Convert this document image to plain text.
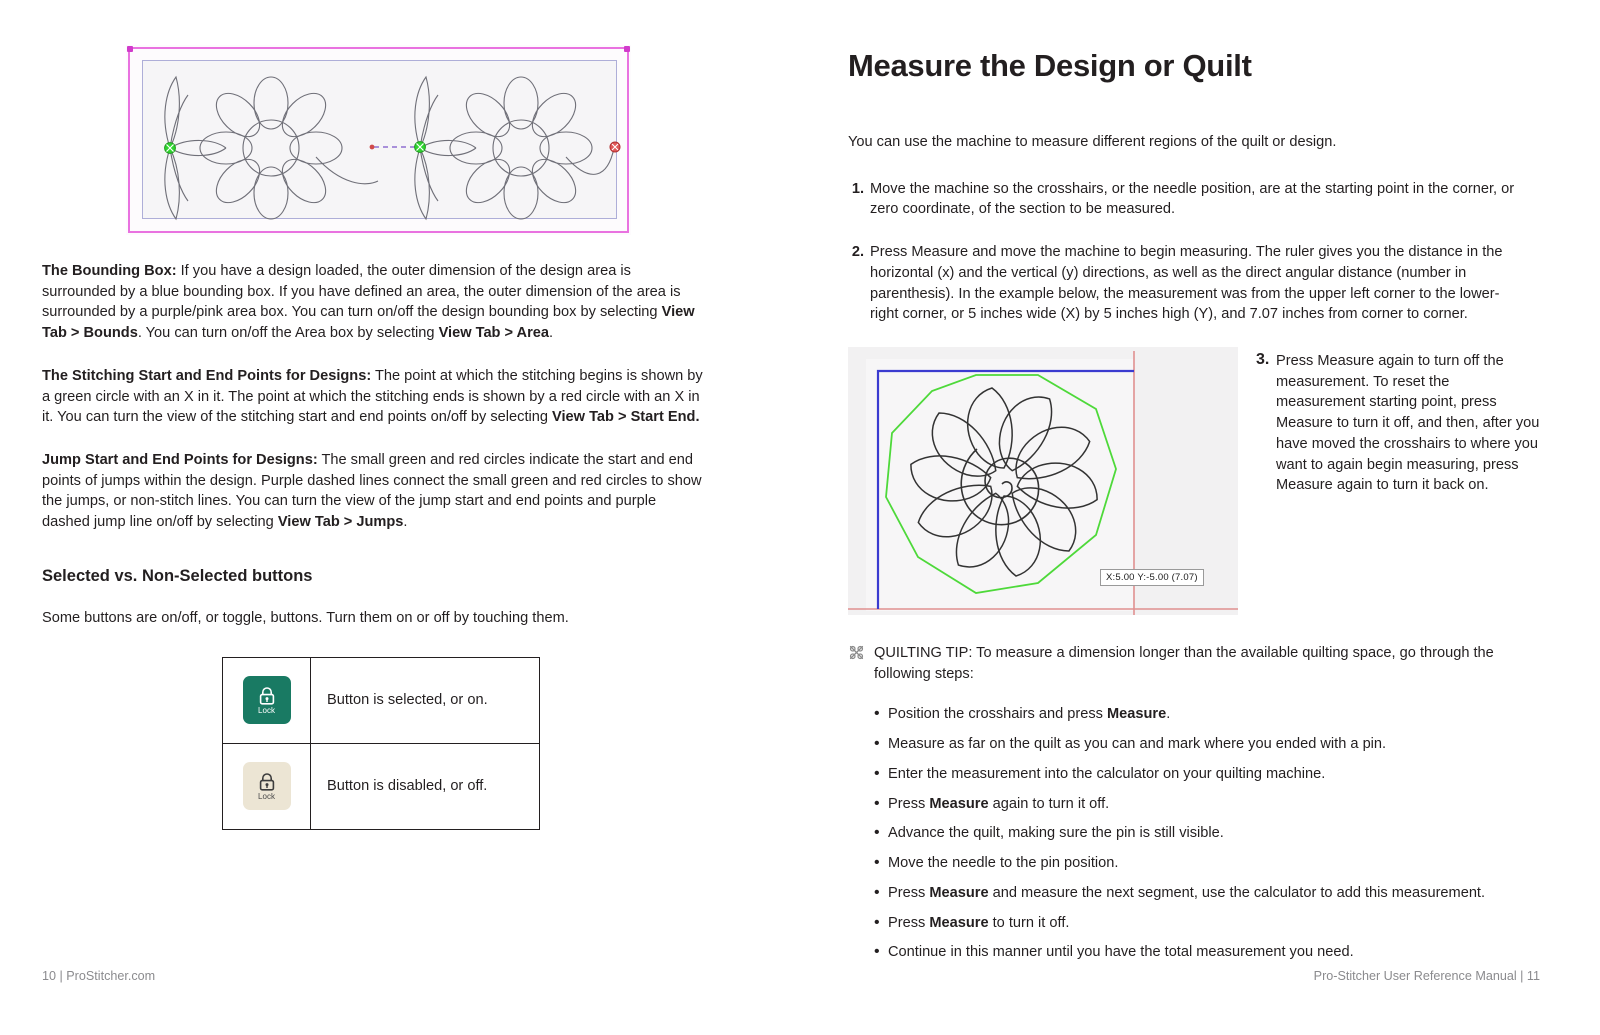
The Bounding Box: If you have a design loaded, the outer dimension of the design area is surrounded by a blue bounding box. If you have defined an area, the outer dimension of the area is surrounded by a purple/pink area box. You can turn on/off the design bounding box by selecting View Tab > Bounds. You can turn on/off the Area box by selecting View Tab > Area.

The Stitching Start and End Points for Designs: The point at which the stitching begins is shown by a green circle with an X in it. The point at which the stitching ends is shown by a red circle with an X in it. You can turn the view of the stitching start and end points on/off by selecting View Tab > Start End.

Jump Start and End Points for Designs: The small green and red circles indicate the start and end points of jumps within the design. Purple dashed lines connect the small green and red circles to show the jumps, or non-stitch lines. You can turn the view of the jump start and end points and purple dashed jump line on/off by selecting View Tab > Jumps.

Selected vs. Non-Selected buttons

Some buttons are on/off, or toggle, buttons. Turn them on or off by touching them.

Lock	Button is selected, or on.

Lock	Button is disabled, or off.
10 | ProStitcher.com
Measure the Design or Quilt

You can use the machine to measure different regions of the quilt or design.

1. Move the machine so the crosshairs, or the needle position, are at the starting point in the corner, or zero coordinate, of the section to be measured.
2. Press Measure and move the machine to begin measuring. The ruler gives you the distance in the horizontal (x) and the vertical (y) directions, as well as the direct angular distance (number in parenthesis). In the example below, the measurement was from the upper left corner to the lower-right corner, or 5 inches wide (X) by 5 inches high (Y), and 7.07 inches from corner to corner.
X:5.00 Y:-5.00 (7.07)
3. Press Measure again to turn off the measurement. To reset the measurement starting point, press Measure to turn it off, and then, after you have moved the crosshairs to where you want to again begin measuring, press Measure again to turn it back on.
QUILTING TIP: To measure a dimension longer than the available quilting space, go through the following steps:
• Position the crosshairs and press Measure.
• Measure as far on the quilt as you can and mark where you ended with a pin.
• Enter the measurement into the calculator on your quilting machine.
• Press Measure again to turn it off.
• Advance the quilt, making sure the pin is still visible.
• Move the needle to the pin position.
• Press Measure and measure the next segment, use the calculator to add this measurement.
• Press Measure to turn it off.
• Continue in this manner until you have the total measurement you need.
Pro-Stitcher User Reference Manual | 11
